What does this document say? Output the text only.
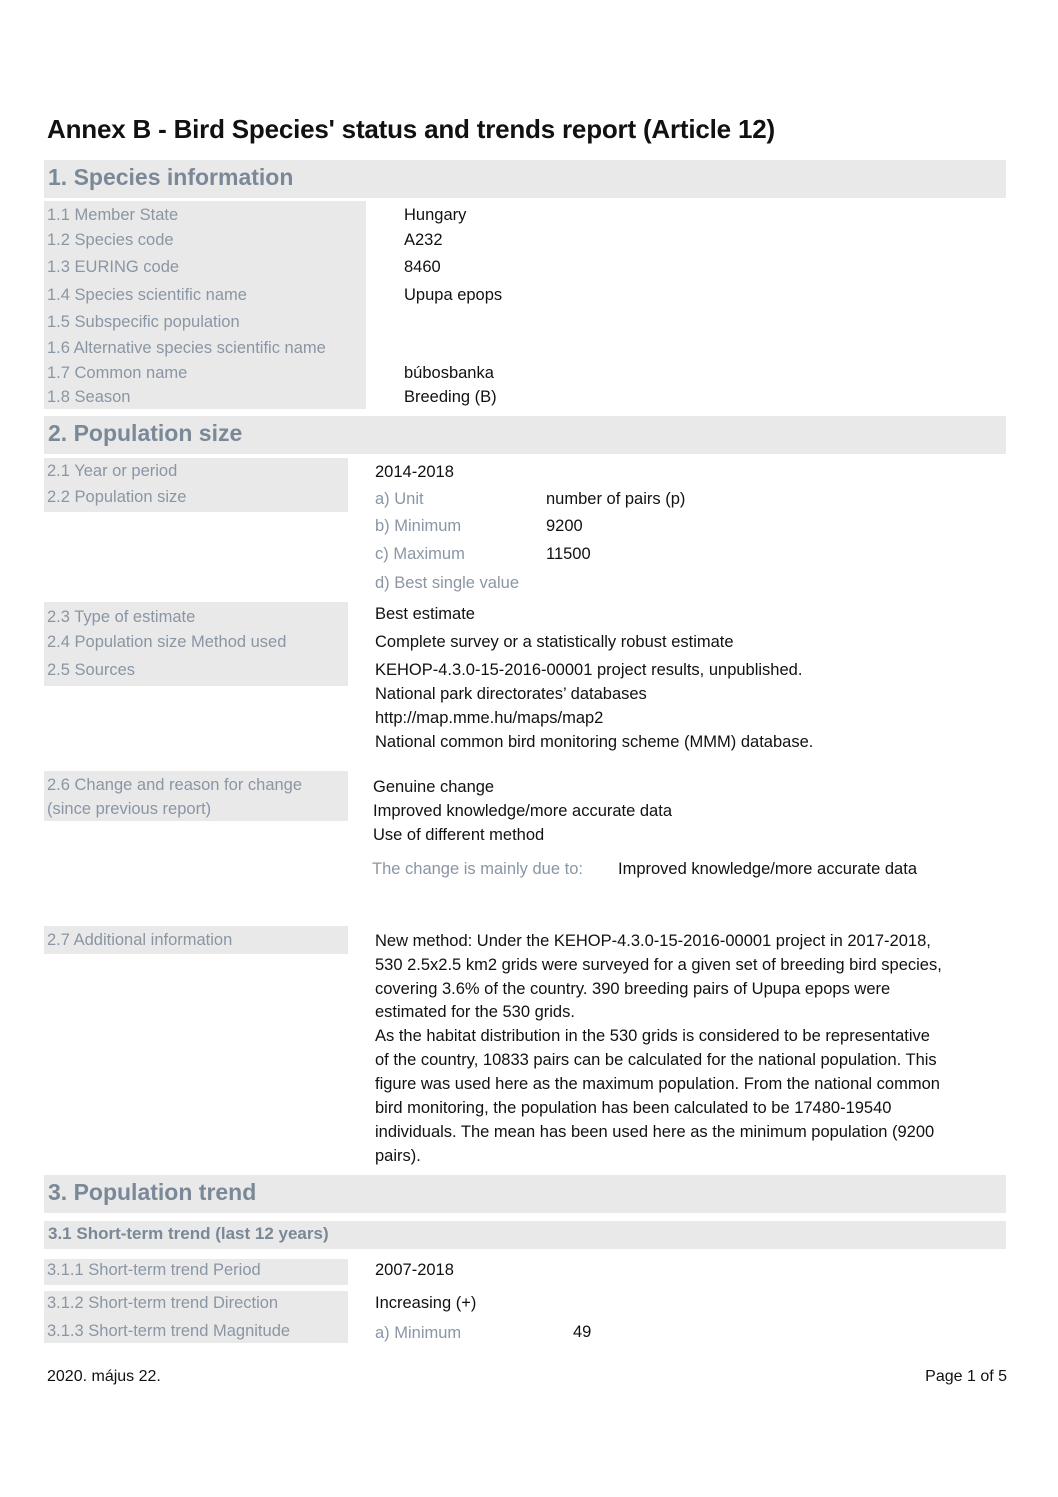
Annex B - Bird Species' status and trends report (Article 12)
1. Species information
1.1 Member State	Hungary
1.2 Species code	A232
1.3 EURING code	8460
1.4 Species scientific name	Upupa epops
1.5 Subspecific population
1.6 Alternative species scientific name
1.7 Common name	búbosbanka
1.8 Season	Breeding (B)
2. Population size
2.1 Year or period	2014-2018
2.2 Population size	a) Unit	number of pairs (p)
b) Minimum	9200
c) Maximum	11500
d) Best single value
2.3 Type of estimate	Best estimate
2.4 Population size Method used	Complete survey or a statistically robust estimate
2.5 Sources	KEHOP-4.3.0-15-2016-00001 project results, unpublished.
National park directorates’ databases
http://map.mme.hu/maps/map2
National common bird monitoring scheme (MMM) database.
2.6 Change and reason for change
(since previous report)
Genuine change
Improved knowledge/more accurate data
Use of different method
The change is mainly due to: Improved knowledge/more accurate data
2.7 Additional information	New method: Under the KEHOP-4.3.0-15-2016-00001 project in 2017-2018,
530 2.5x2.5 km2 grids were surveyed for a given set of breeding bird species,
covering 3.6% of the country. 390 breeding pairs of Upupa epops were
estimated for the 530 grids.
As the habitat distribution in the 530 grids is considered to be representative
of the country, 10833 pairs can be calculated for the national population. This
figure was used here as the maximum population. From the national common
bird monitoring, the population has been calculated to be 17480-19540
individuals. The mean has been used here as the minimum population (9200
pairs).
3. Population trend
3.1 Short-term trend (last 12 years)
3.1.1 Short-term trend Period	2007-2018
3.1.2 Short-term trend Direction	Increasing (+)
3.1.3 Short-term trend Magnitude	a) Minimum	49
2020. május 22.	Page 1 of 5
